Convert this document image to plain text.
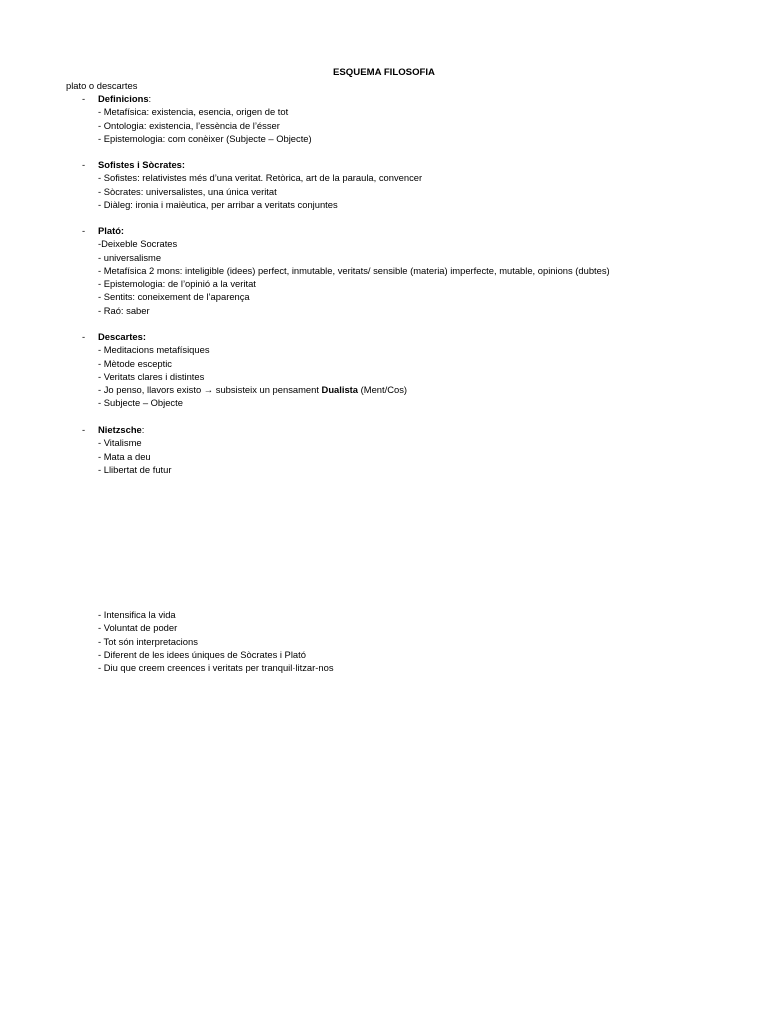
ESQUEMA FILOSOFIA
plato o descartes
-	Definicions:
- Metafísica: existencia, esencia, origen de tot
- Ontologia: existencia, l’essència de l’ésser
- Epistemologia: com conèixer (Subjecte – Objecte)
-	Sofistes i Sòcrates:
- Sofistes: relativistes més d’una veritat. Retòrica, art de la paraula, convencer
- Sòcrates: universalistes, una única veritat
- Diàleg: ironia i maièutica, per arribar a veritats conjuntes
-	Plató:
-Deixeble Socrates
- universalisme
- Metafísica 2 mons: inteligible (idees) perfect, inmutable, veritats/ sensible (materia) imperfecte, mutable, opinions (dubtes)
- Epistemologia: de l’opinió a la veritat
- Sentits: coneixement de l’aparença
- Raó: saber
-	Descartes:
- Meditacions metafísiques
- Mètode esceptic
- Veritats clares i distintes
- Jo penso, llavors existo → subsisteix un pensament Dualista (Ment/Cos)
- Subjecte – Objecte
-	Nietzsche:
- Vitalisme
- Mata a deu
- Llibertat de futur
- Intensifica la vida
- Voluntat de poder
- Tot són interpretacions
- Diferent de les idees úniques de Sòcrates i Plató
- Diu que creem creences i veritats per tranquil·litzar-nos
